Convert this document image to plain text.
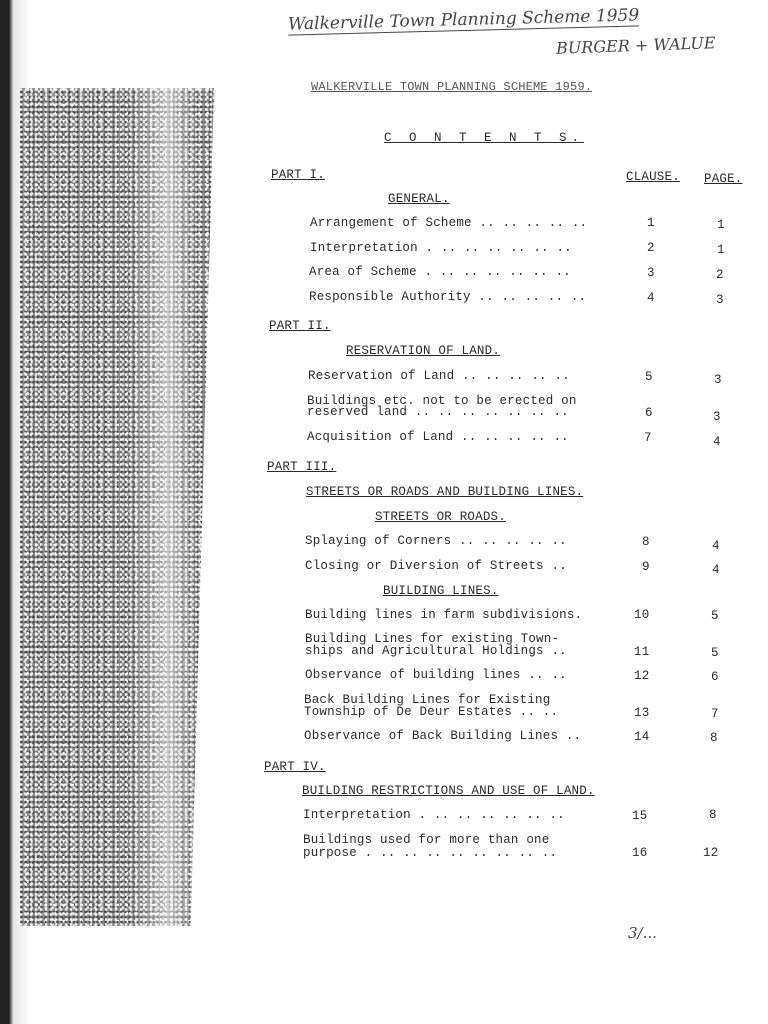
Walkerville Town Planning Scheme 1959
BURGER + WALUE
3/...
WALKERVILLE TOWN PLANNING SCHEME 1959.
C O N T E N T S.
CLAUSE. PAGE.
PART I.
GENERAL.
Arrangement of Scheme .. .. .. .. ..	1	1
Interpretation . .. .. .. .. .. ..	2	1
Area of Scheme . .. .. .. .. .. ..	3	2
Responsible Authority .. .. .. .. ..	4	3
PART II.
RESERVATION OF LAND.
Reservation of Land .. .. .. .. ..	5	3
Buildings etc. not to be erected on
reserved land .. .. .. .. .. .. ..	6	3
Acquisition of Land .. .. .. .. ..	7	4
PART III.
STREETS OR ROADS AND BUILDING LINES.
STREETS OR ROADS.
Splaying of Corners .. .. .. .. ..	8	4
Closing or Diversion of Streets ..	9	4
BUILDING LINES.
Building lines in farm subdivisions.	10	5
Building Lines for existing Town-
ships and Agricultural Holdings ..	11	5
Observance of building lines .. ..	12	6
Back Building Lines for Existing
Township of De Deur Estates .. ..	13	7
Observance of Back Building Lines ..	14	8
PART IV.
BUILDING RESTRICTIONS AND USE OF LAND.
Interpretation . .. .. .. .. .. ..	15	8
Buildings used for more than one
purpose . .. .. .. .. .. .. .. ..	16	12
